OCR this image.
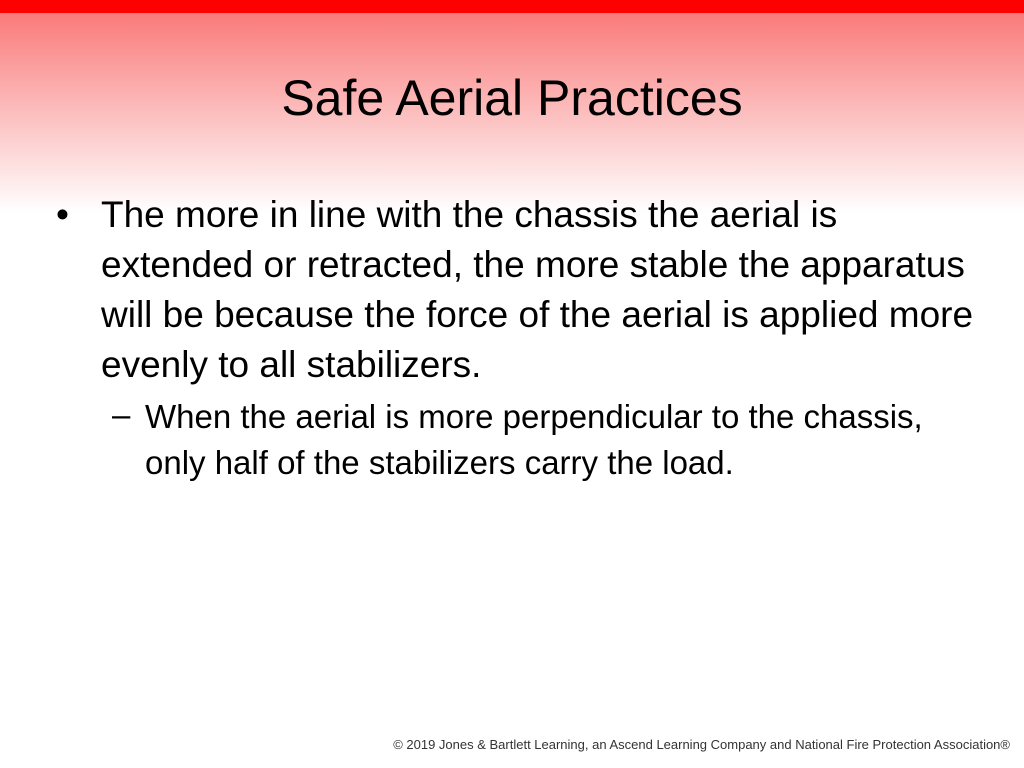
Safe Aerial Practices
• The more in line with the chassis the aerial is extended or retracted, the more stable the apparatus will be because the force of the aerial is applied more evenly to all stabilizers.
– When the aerial is more perpendicular to the chassis, only half of the stabilizers carry the load.
© 2019 Jones & Bartlett Learning, an Ascend Learning Company and National Fire Protection Association®
